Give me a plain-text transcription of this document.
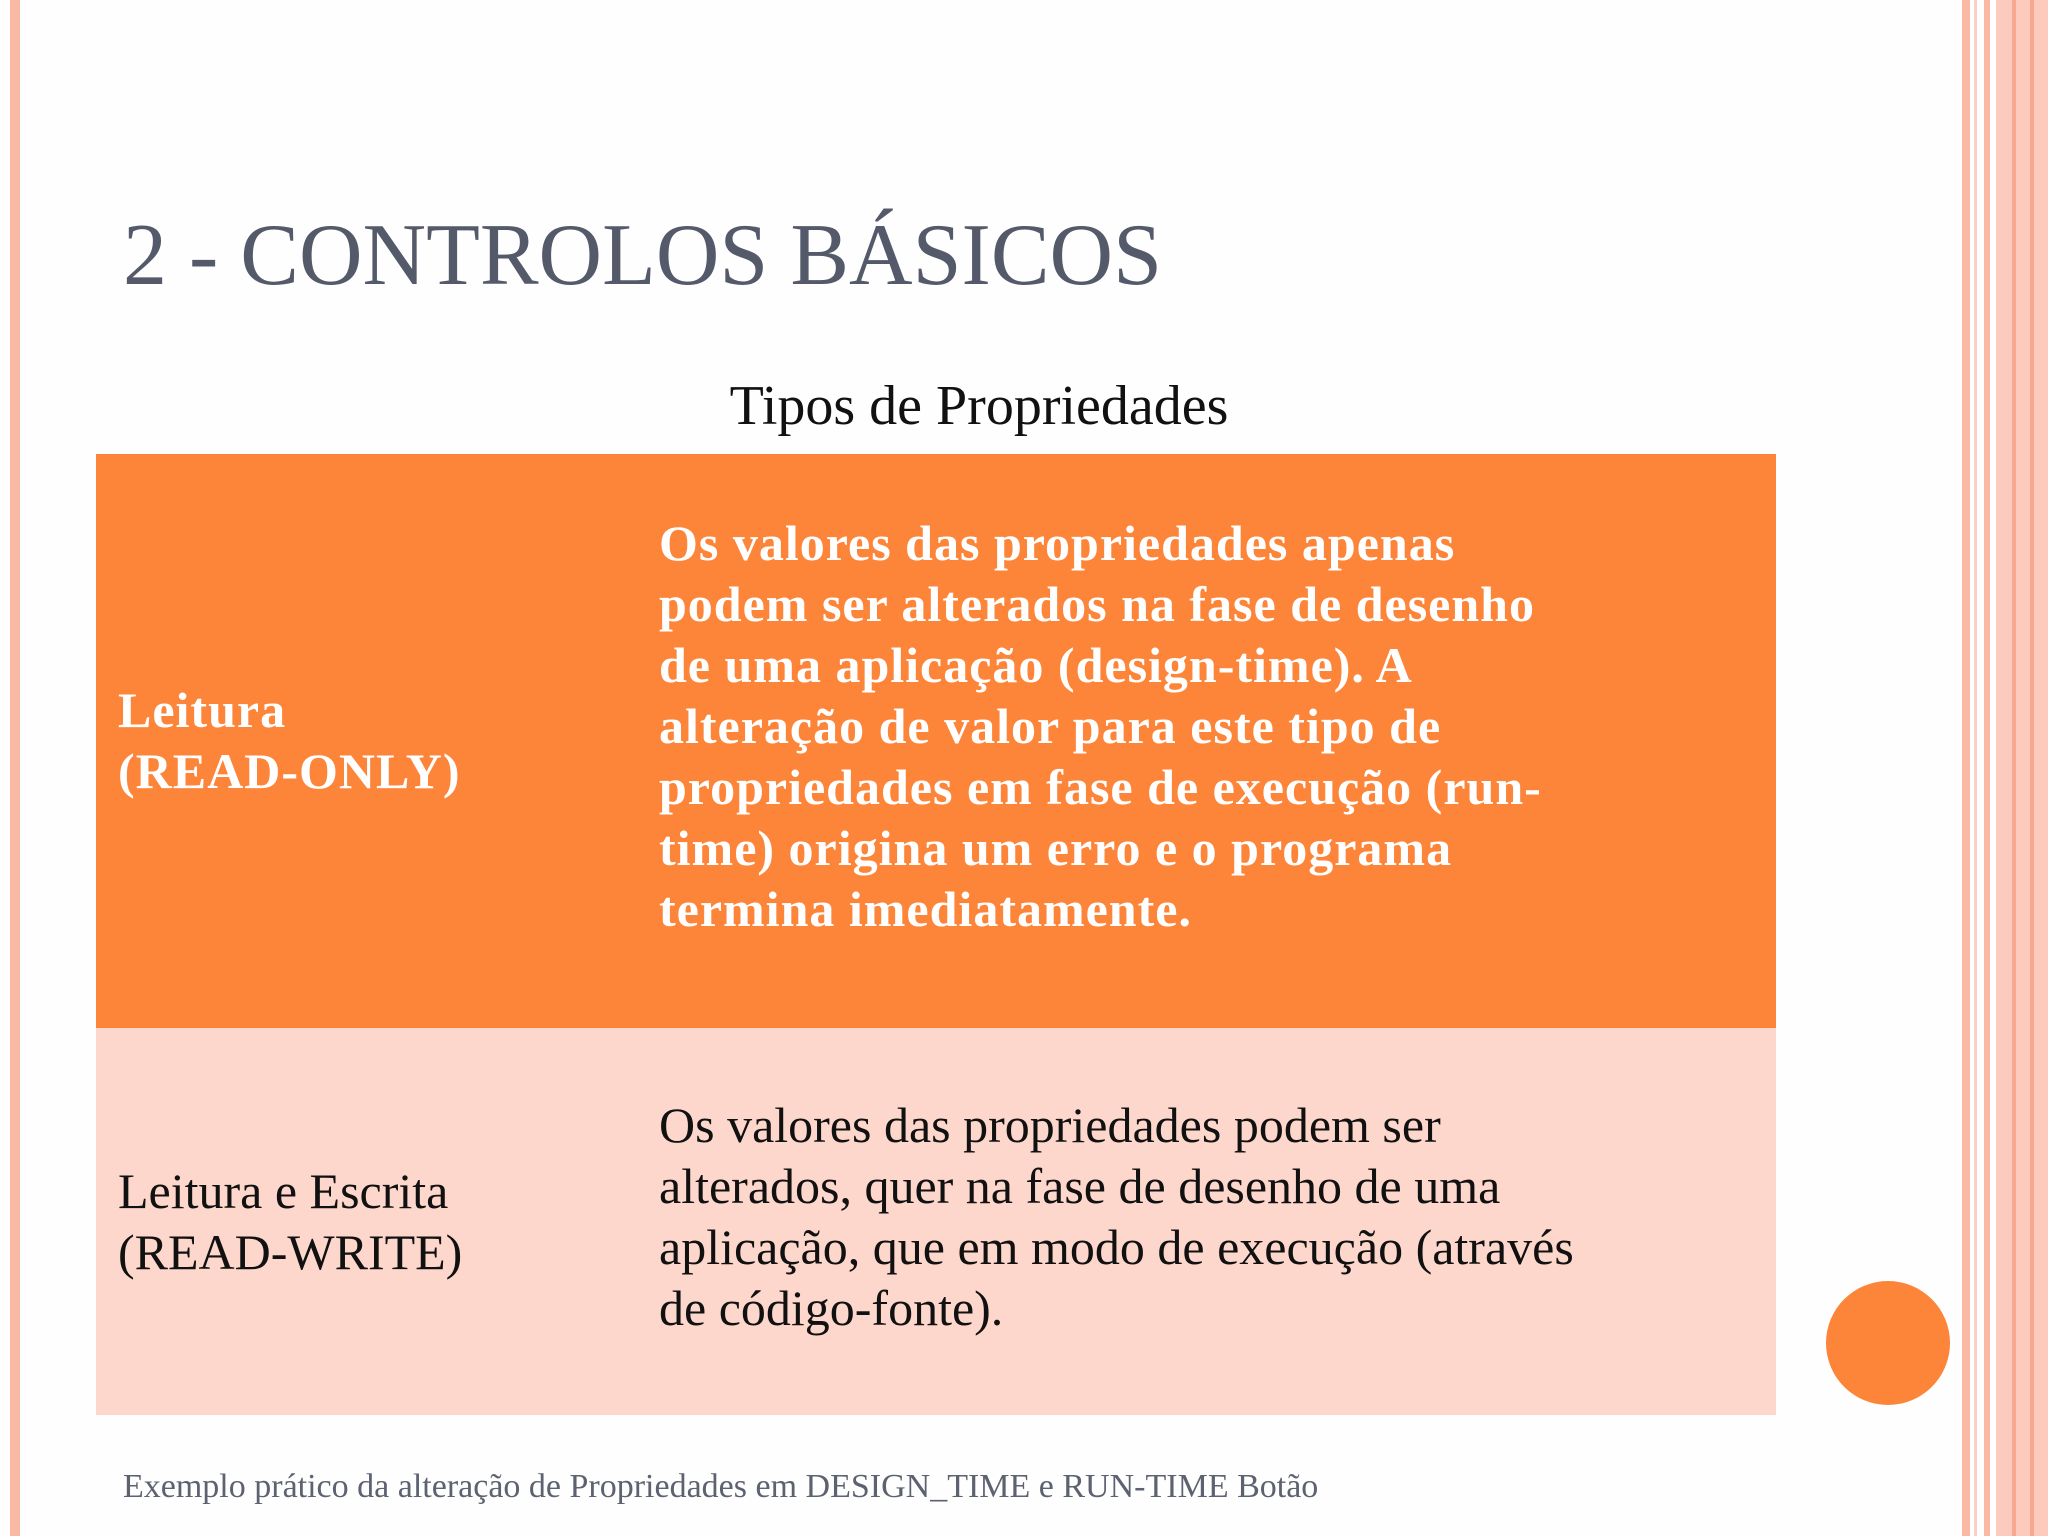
2 - CONTROLOS BÁSICOS
Tipos de Propriedades
Leitura
(READ-ONLY)
Os valores das propriedades apenas
podem ser alterados na fase de desenho
de uma aplicação (design-time). A
alteração de valor para este tipo de
propriedades em fase de execução (run-
time) origina um erro e o programa
termina imediatamente.
Leitura e Escrita
(READ-WRITE)
Os valores das propriedades podem ser
alterados, quer na fase de desenho de uma
aplicação, que em modo de execução (através
de código-fonte).
Exemplo prático da alteração de Propriedades em DESIGN_TIME e RUN-TIME Botão
